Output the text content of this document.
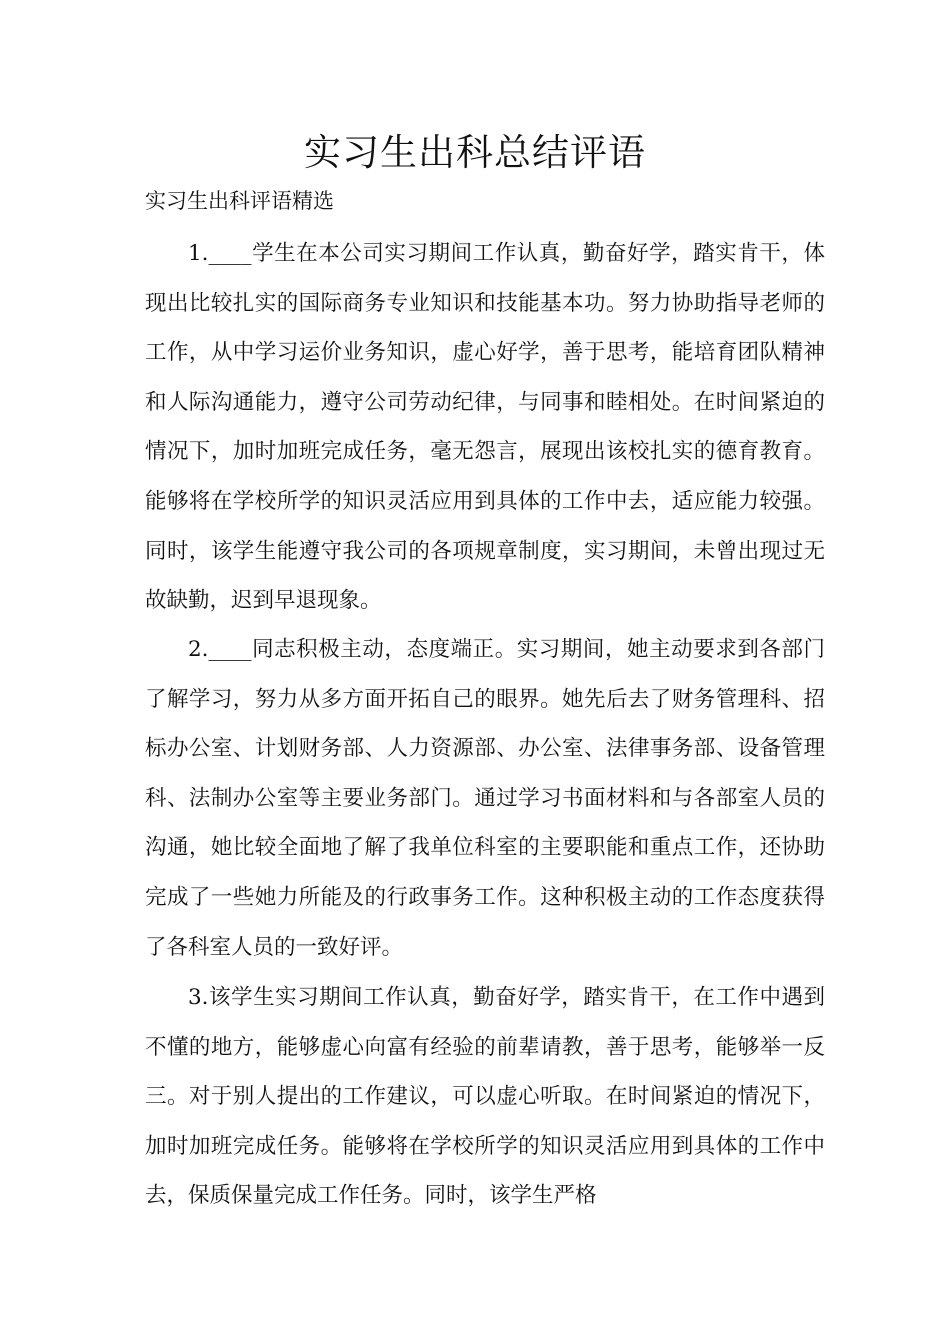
实习生出科总结评语

实习生出科评语精选

1.____学生在本公司实习期间工作认真，勤奋好学，踏实肯干，体现出比较扎实的国际商务专业知识和技能基本功。努力协助指导老师的工作，从中学习运价业务知识，虚心好学，善于思考，能培育团队精神和人际沟通能力，遵守公司劳动纪律，与同事和睦相处。在时间紧迫的情况下，加时加班完成任务，毫无怨言，展现出该校扎实的德育教育。能够将在学校所学的知识灵活应用到具体的工作中去，适应能力较强。同时，该学生能遵守我公司的各项规章制度，实习期间，未曾出现过无故缺勤，迟到早退现象。

2.____同志积极主动，态度端正。实习期间，她主动要求到各部门了解学习，努力从多方面开拓自己的眼界。她先后去了财务管理科、招标办公室、计划财务部、人力资源部、办公室、法律事务部、设备管理科、法制办公室等主要业务部门。通过学习书面材料和与各部室人员的沟通，她比较全面地了解了我单位科室的主要职能和重点工作，还协助完成了一些她力所能及的行政事务工作。这种积极主动的工作态度获得了各科室人员的一致好评。

3.该学生实习期间工作认真，勤奋好学，踏实肯干，在工作中遇到不懂的地方，能够虚心向富有经验的前辈请教，善于思考，能够举一反三。对于别人提出的工作建议，可以虚心听取。在时间紧迫的情况下，加时加班完成任务。能够将在学校所学的知识灵活应用到具体的工作中去，保质保量完成工作任务。同时，该学生严格
